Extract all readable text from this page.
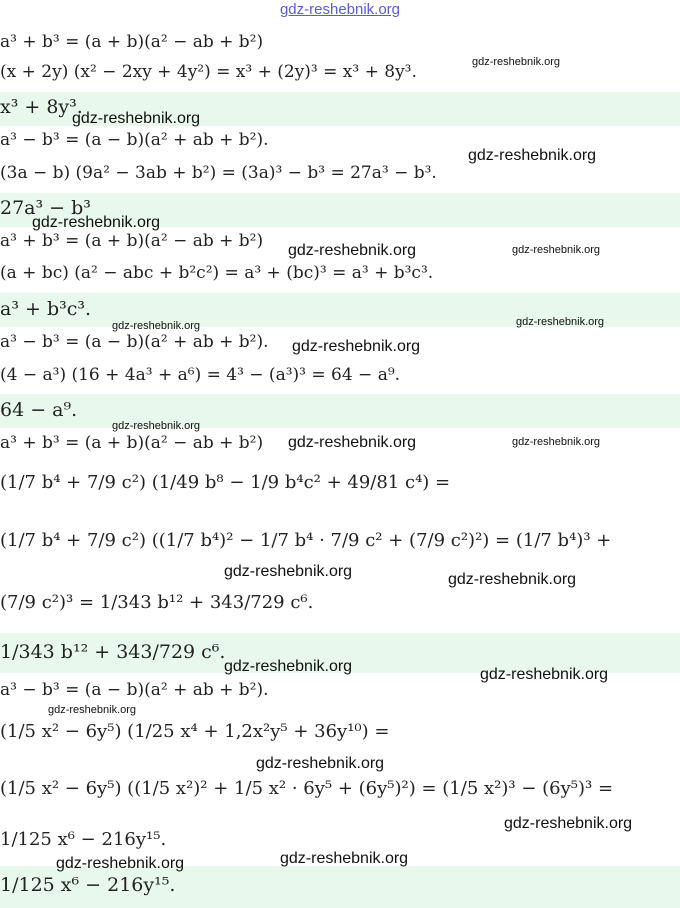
gdz-reshebnik.org
a³ + b³ = (a + b)(a² − ab + b²)
(x + 2y) (x² − 2xy + 4y²) = x³ + (2y)³ = x³ + 8y³.
x³ + 8y³.
a³ − b³ = (a − b)(a² + ab + b²).
(3a − b) (9a² − 3ab + b²) = (3a)³ − b³ = 27a³ − b³.
27a³ − b³
a³ + b³ = (a + b)(a² − ab + b²)
(a + bc) (a² − abc + b²c²) = a³ + (bc)³ = a³ + b³c³.
a³ + b³c³.
a³ − b³ = (a − b)(a² + ab + b²).
(4 − a³) (16 + 4a³ + a⁶) = 4³ − (a³)³ = 64 − a⁹.
64 − a⁹.
a³ + b³ = (a + b)(a² − ab + b²)
(1/7 b⁴ + 7/9 c²) (1/49 b⁸ − 1/9 b⁴c² + 49/81 c⁴) =
(1/7 b⁴ + 7/9 c²) ((1/7 b⁴)² − 1/7 b⁴ · 7/9 c² + (7/9 c²)²) = (1/7 b⁴)³ +
(7/9 c²)³ = 1/343 b¹² + 343/729 c⁶.
1/343 b¹² + 343/729 c⁶.
a³ − b³ = (a − b)(a² + ab + b²).
(1/5 x² − 6y⁵) (1/25 x⁴ + 1,2x²y⁵ + 36y¹⁰) =
(1/5 x² − 6y⁵) ((1/5 x²)² + 1/5 x² · 6y⁵ + (6y⁵)²) = (1/5 x²)³ − (6y⁵)³ =
1/125 x⁶ − 216y¹⁵.
1/125 x⁶ − 216y¹⁵.
gdz-reshebnik.org
gdz-reshebnik.org
gdz-reshebnik.org
gdz-reshebnik.org
gdz-reshebnik.org	gdz-reshebnik.org
gdz-reshebnik.org	gdz-reshebnik.org
gdz-reshebnik.org
gdz-reshebnik.org
gdz-reshebnik.org	gdz-reshebnik.org
gdz-reshebnik.org	gdz-reshebnik.org
gdz-reshebnik.org	gdz-reshebnik.org
gdz-reshebnik.org
gdz-reshebnik.org
gdz-reshebnik.org
gdz-reshebnik.org	gdz-reshebnik.org
